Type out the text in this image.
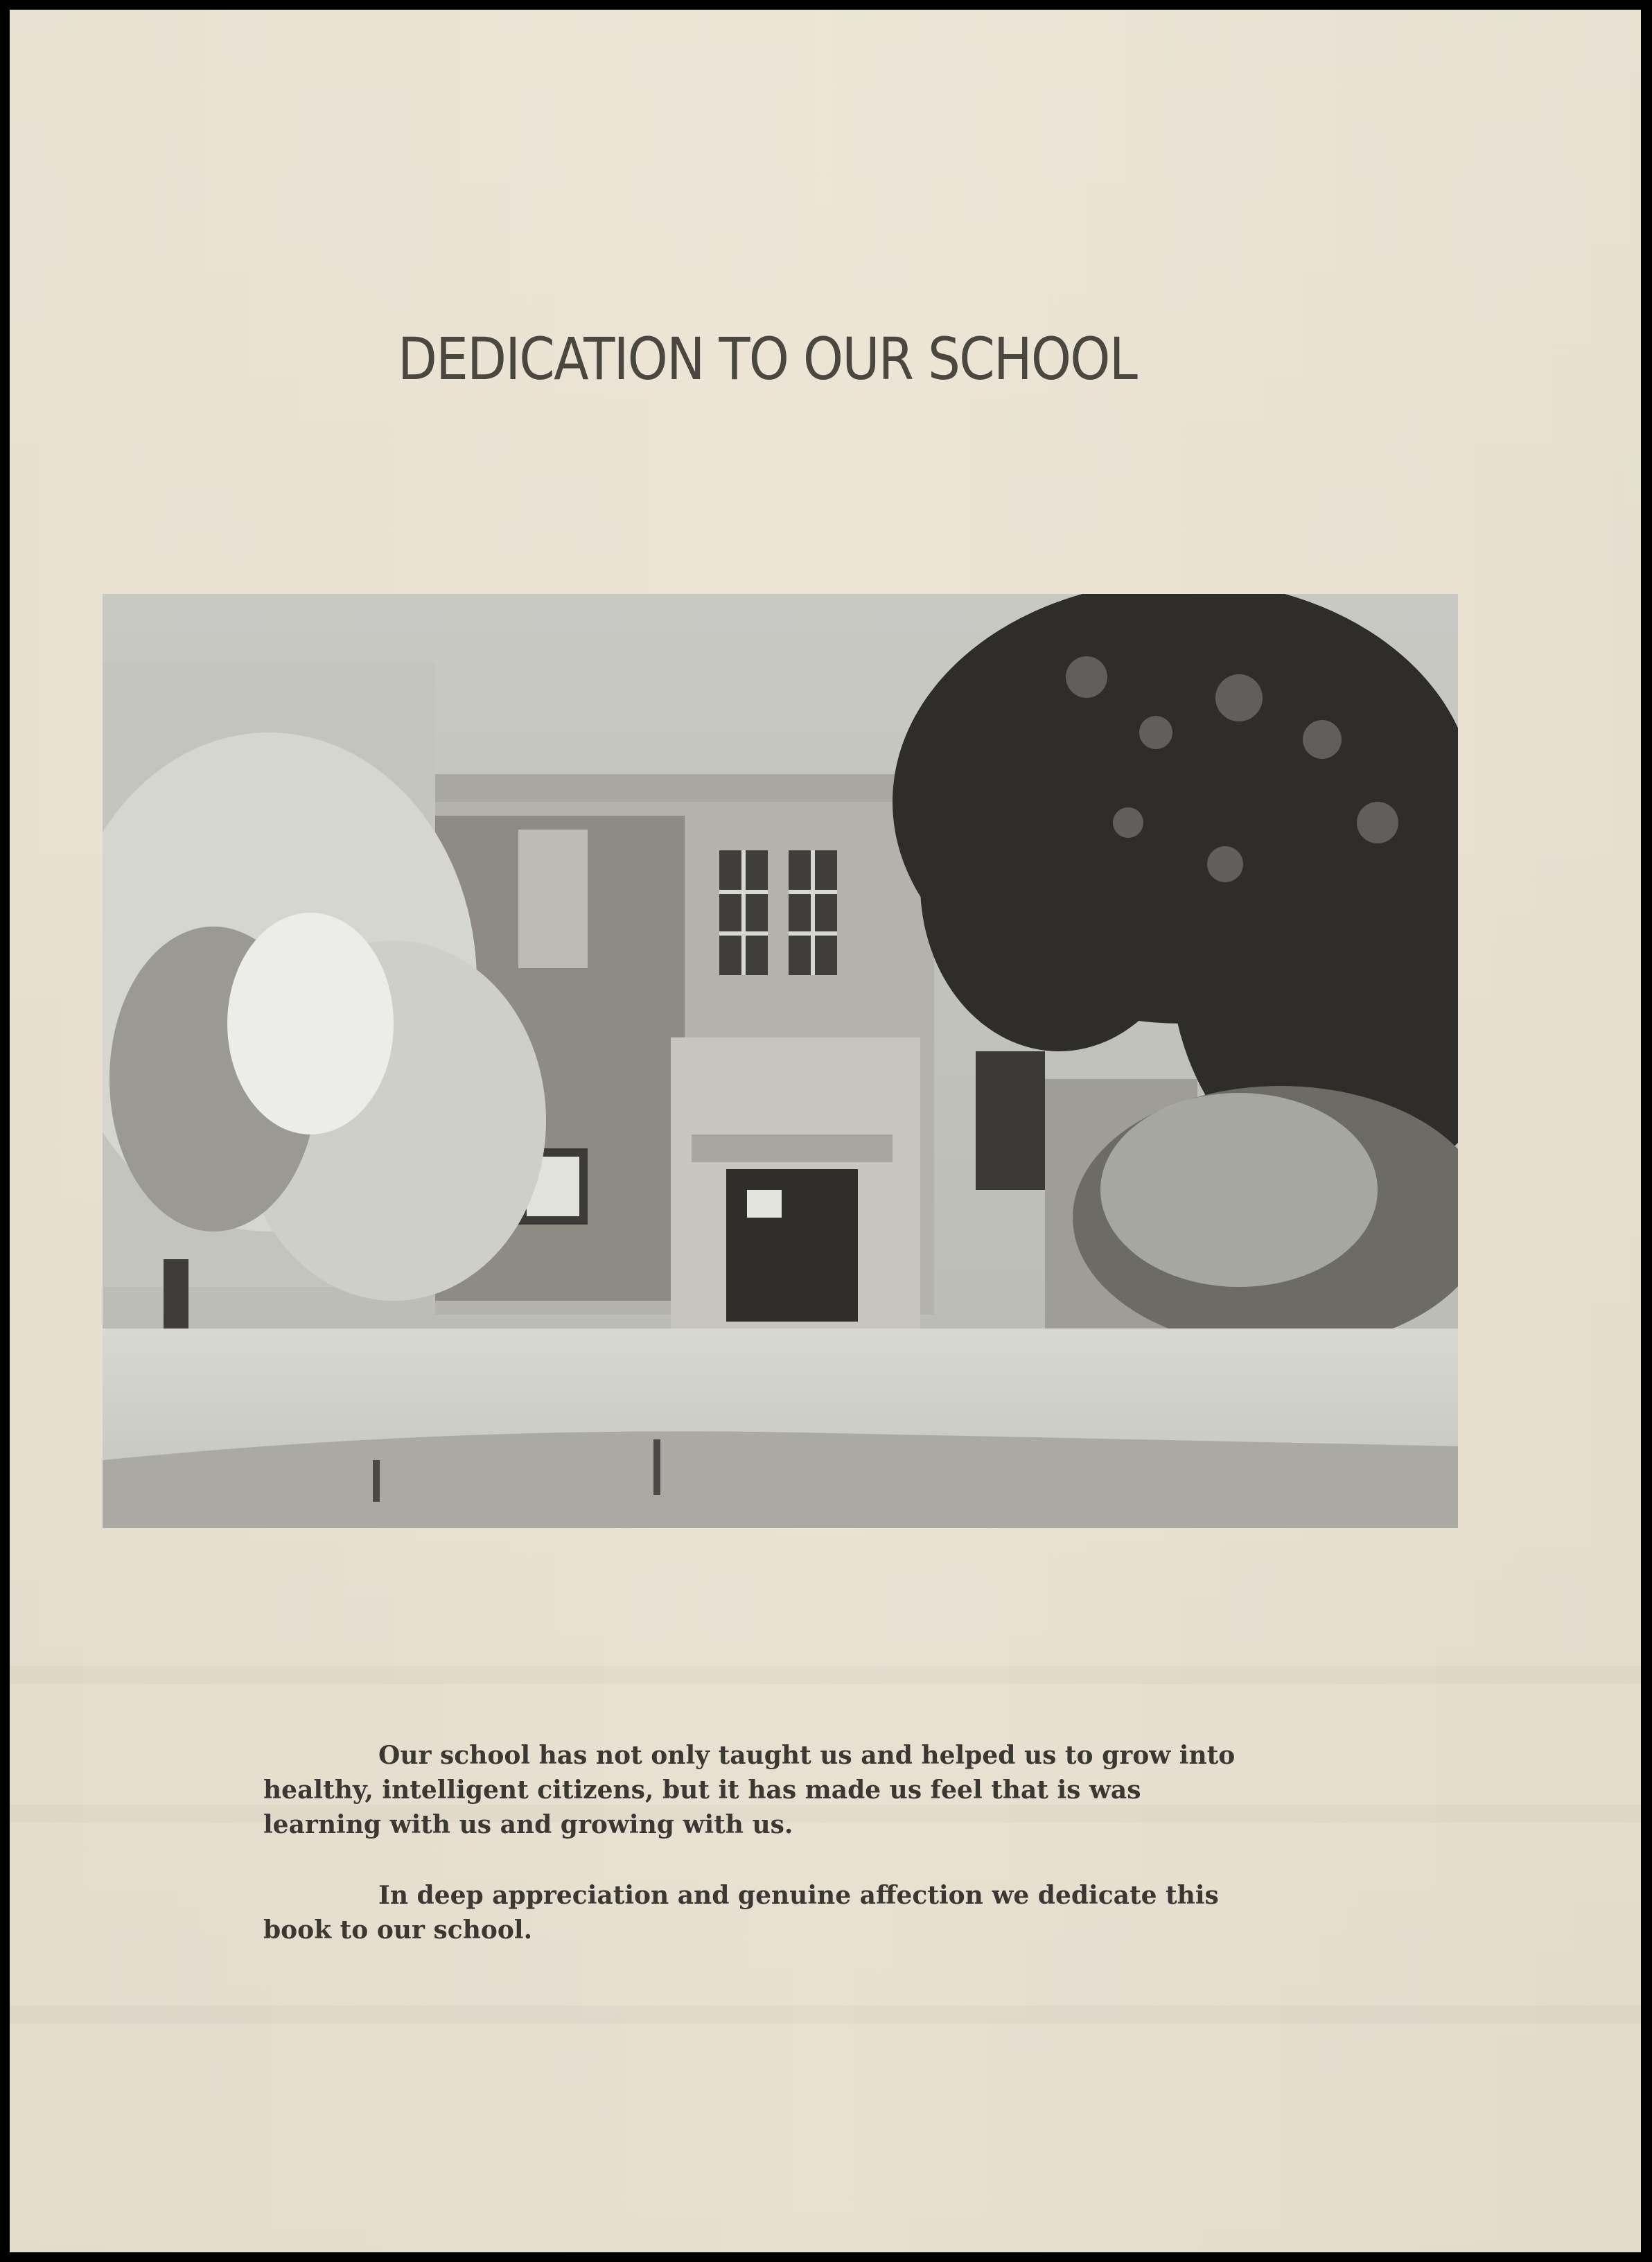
DEDICATION TO OUR SCHOOL

Our school has not only taught us and helped us to grow into
healthy, intelligent citizens, but it has made us feel that is was
learning with us and growing with us.

In deep appreciation and genuine affection we dedicate this
book to our school.
